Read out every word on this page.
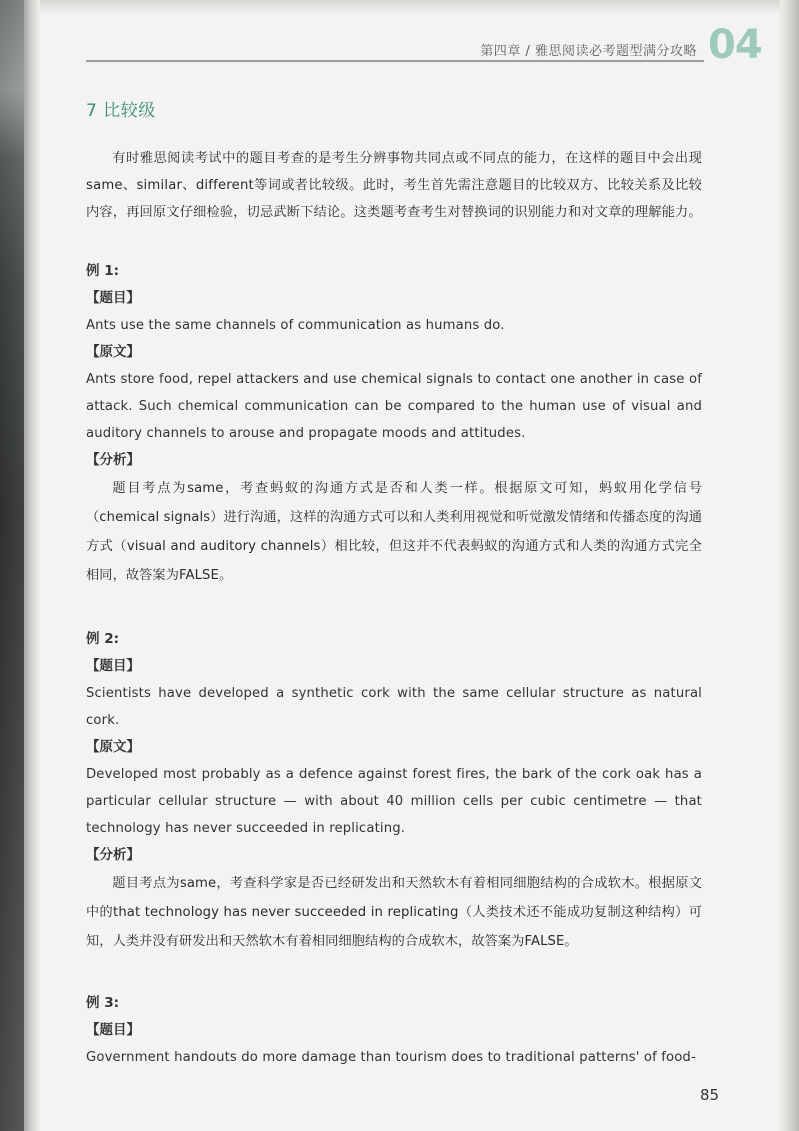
第四章 / 雅思阅读必考题型满分攻略 04

7 比较级

有时雅思阅读考试中的题目考查的是考生分辨事物共同点或不同点的能力，在这样的题目中会出现same、similar、different等词或者比较级。此时，考生首先需注意题目的比较双方、比较关系及比较内容，再回原文仔细检验，切忌武断下结论。这类题考查考生对替换词的识别能力和对文章的理解能力。

例 1:

【题目】

Ants use the same channels of communication as humans do.

【原文】

Ants store food, repel attackers and use chemical signals to contact one another in case of attack. Such chemical communication can be compared to the human use of visual and auditory channels to arouse and propagate moods and attitudes.

【分析】

题目考点为same，考查蚂蚁的沟通方式是否和人类一样。根据原文可知，蚂蚁用化学信号（chemical signals）进行沟通，这样的沟通方式可以和人类利用视觉和听觉激发情绪和传播态度的沟通方式（visual and auditory channels）相比较，但这并不代表蚂蚁的沟通方式和人类的沟通方式完全相同，故答案为FALSE。

例 2:

【题目】

Scientists have developed a synthetic cork with the same cellular structure as natural cork.

【原文】

Developed most probably as a defence against forest fires, the bark of the cork oak has a particular cellular structure — with about 40 million cells per cubic centimetre — that technology has never succeeded in replicating.

【分析】

题目考点为same，考查科学家是否已经研发出和天然软木有着相同细胞结构的合成软木。根据原文中的that technology has never succeeded in replicating（人类技术还不能成功复制这种结构）可知，人类并没有研发出和天然软木有着相同细胞结构的合成软木，故答案为FALSE。

例 3:

【题目】

Government handouts do more damage than tourism does to traditional patterns' of food-

85
